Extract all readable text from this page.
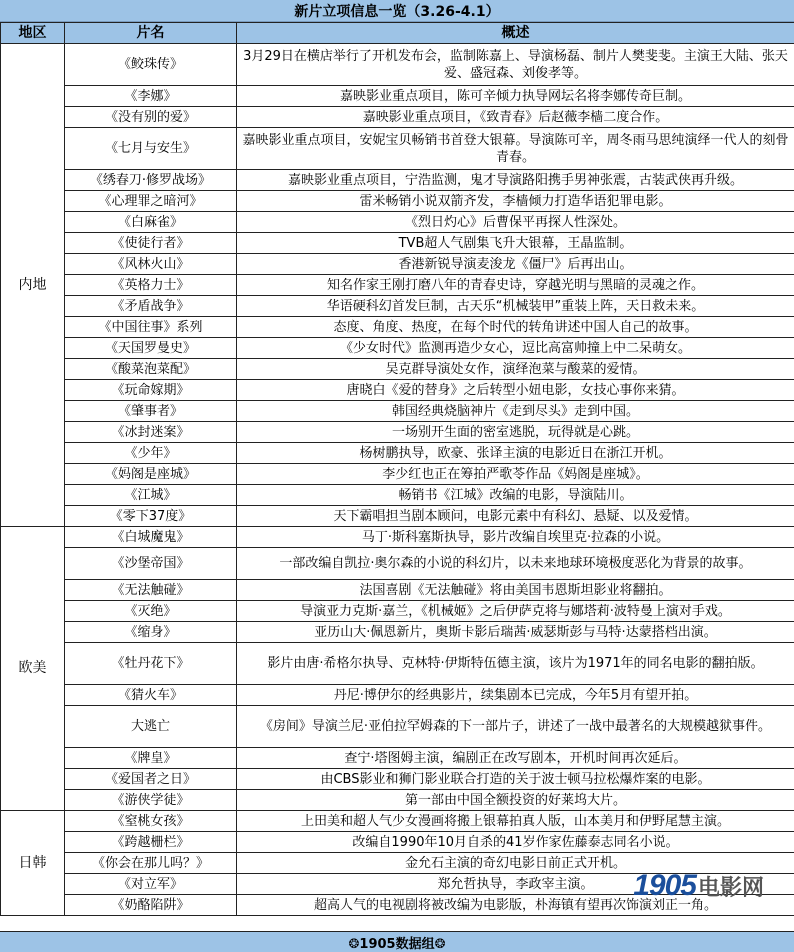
新片立项信息一览（3.26-4.1）
地区	片名	概述
内地	《鲛珠传》	3月29日在横店举行了开机发布会，监制陈嘉上、导演杨磊、制片人樊斐斐。主演王大陆、张天爱、盛冠森、刘俊孝等。
	《李娜》	嘉映影业重点项目，陈可辛倾力执导网坛名将李娜传奇巨制。
	《没有别的爱》	嘉映影业重点项目，《致青春》后赵薇李樯二度合作。
	《七月与安生》	嘉映影业重点项目，安妮宝贝畅销书首登大银幕。导演陈可辛，周冬雨马思纯演绎一代人的刻骨青春。
	《绣春刀·修罗战场》	嘉映影业重点项目，宁浩监测，鬼才导演路阳携手男神张震，古装武侠再升级。
	《心理罪之暗河》	雷米畅销小说双箭齐发，李樯倾力打造华语犯罪电影。
	《白麻雀》	《烈日灼心》后曹保平再探人性深处。
	《使徒行者》	TVB超人气剧集飞升大银幕，王晶监制。
	《风林火山》	香港新锐导演麦浚龙《僵尸》后再出山。
	《英格力士》	知名作家王刚打磨八年的青春史诗，穿越光明与黑暗的灵魂之作。
	《矛盾战争》	华语硬科幻首发巨制，古天乐“机械装甲”重装上阵，天日救未来。
	《中国往事》系列	态度、角度、热度，在每个时代的转角讲述中国人自己的故事。
	《天国罗曼史》	《少女时代》监测再造少女心，逗比高富帅撞上中二呆萌女。
	《酸菜泡菜配》	吴克群导演处女作，演绎泡菜与酸菜的爱情。
	《玩命嫁期》	唐晓白《爱的替身》之后转型小妞电影，女技心事你来猜。
	《肇事者》	韩国经典烧脑神片《走到尽头》走到中国。
	《冰封迷案》	一场别开生面的密室逃脱，玩得就是心跳。
	《少年》	杨树鹏执导，欧豪、张译主演的电影近日在浙江开机。
	《妈阁是座城》	李少红也正在筹拍严歌苓作品《妈阁是座城》。
	《江城》	畅销书《江城》改编的电影，导演陆川。
	《零下37度》	天下霸唱担当剧本顾问，电影元素中有科幻、悬疑、以及爱情。
欧美	《白城魔鬼》	马丁·斯科塞斯执导，影片改编自埃里克·拉森的小说。
	《沙堡帝国》	一部改编自凯拉·奥尔森的小说的科幻片，以未来地球环境极度恶化为背景的故事。
	《无法触碰》	法国喜剧《无法触碰》将由美国韦恩斯坦影业将翻拍。
	《灭绝》	导演亚力克斯·嘉兰，《机械姬》之后伊萨克将与娜塔莉·波特曼上演对手戏。
	《缩身》	亚历山大·佩恩新片，奥斯卡影后瑞茜·威瑟斯彭与马特·达蒙搭档出演。
	《牡丹花下》	影片由唐·希格尔执导、克林特·伊斯特伍德主演，该片为1971年的同名电影的翻拍版。
	《猜火车》	丹尼·博伊尔的经典影片，续集剧本已完成，今年5月有望开拍。
	大逃亡	《房间》导演兰尼·亚伯拉罕姆森的下一部片子，讲述了一战中最著名的大规模越狱事件。
	《牌皇》	查宁·塔图姆主演，编剧正在改写剧本，开机时间再次延后。
	《爱国者之日》	由CBS影业和狮门影业联合打造的关于波士顿马拉松爆炸案的电影。
	《游侠学徒》	第一部由中国全额投资的好莱坞大片。
日韩	《窒桃女孩》	上田美和超人气少女漫画将搬上银幕拍真人版，山本美月和伊野尾慧主演。
	《跨越栅栏》	改编自1990年10月自杀的41岁作家佐藤泰志同名小说。
	《你会在那儿吗？》	金允石主演的奇幻电影日前正式开机。
	《对立军》	郑允哲执导，李政宰主演。
	《奶酪陷阱》	超高人气的电视剧将被改编为电影版，朴海镇有望再次饰演刘正一角。
❂1905数据组❂
1905 电影网
